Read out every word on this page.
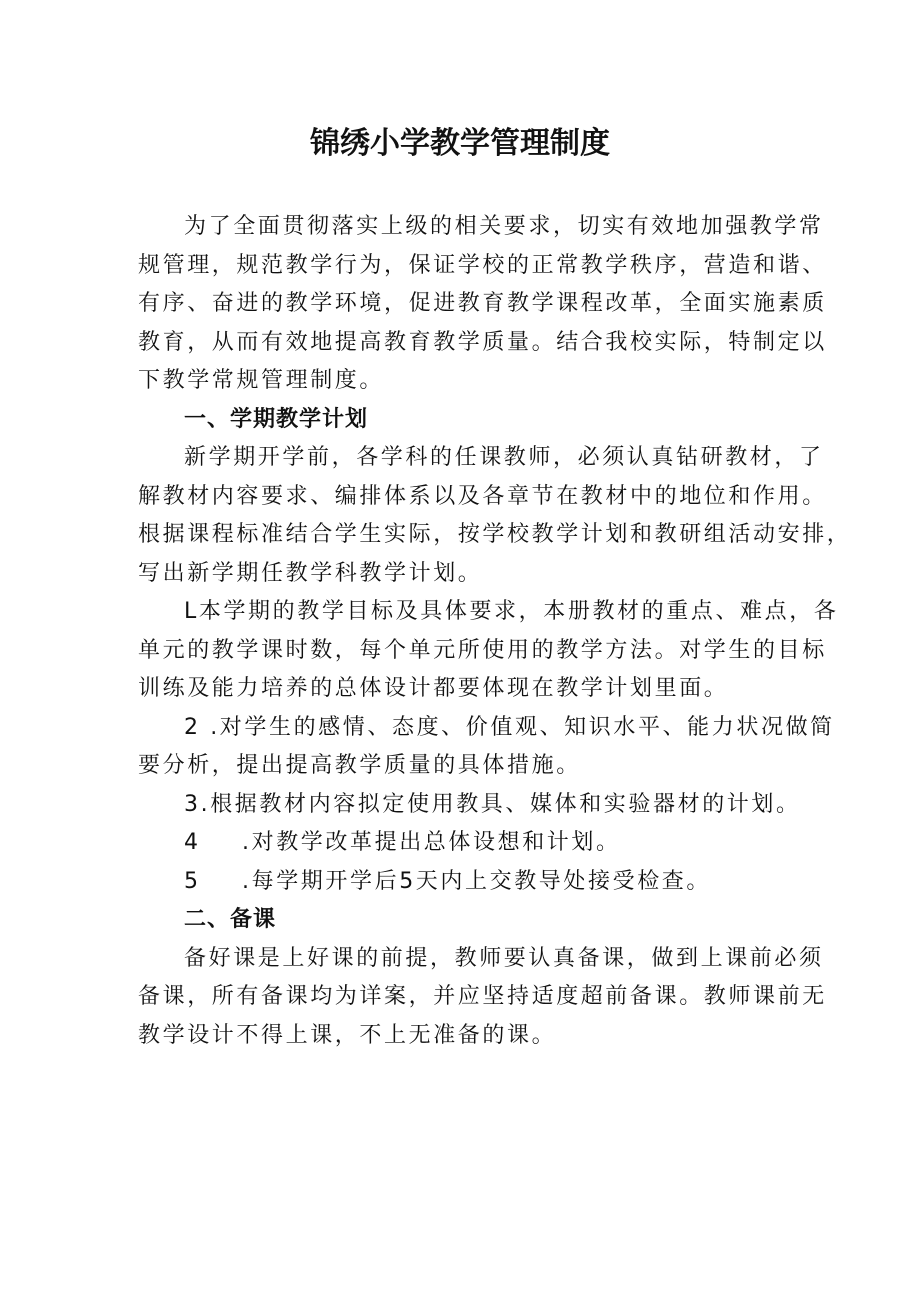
锦绣小学教学管理制度
为了全面贯彻落实上级的相关要求，切实有效地加强教学常
规管理，规范教学行为，保证学校的正常教学秩序，营造和谐、
有序、奋进的教学环境，促进教育教学课程改革，全面实施素质
教育，从而有效地提高教育教学质量。结合我校实际，特制定以
下教学常规管理制度。
一、学期教学计划
新学期开学前，各学科的任课教师，必须认真钻研教材，了
解教材内容要求、编排体系以及各章节在教材中的地位和作用。
根据课程标准结合学生实际，按学校教学计划和教研组活动安排，
写出新学期任教学科教学计划。
L本学期的教学目标及具体要求，本册教材的重点、难点，各
单元的教学课时数，每个单元所使用的教学方法。对学生的目标
训练及能力培养的总体设计都要体现在教学计划里面。
2 .对学生的感情、态度、价值观、知识水平、能力状况做简
要分析，提出提高教学质量的具体措施。
3 .根据教材内容拟定使用教具、媒体和实验器材的计划。
4	.对教学改革提出总体设想和计划。
5	.每学期开学后5天内上交教导处接受检查。
二、备课
备好课是上好课的前提，教师要认真备课，做到上课前必须
备课，所有备课均为详案，并应坚持适度超前备课。教师课前无
教学设计不得上课，不上无准备的课。
